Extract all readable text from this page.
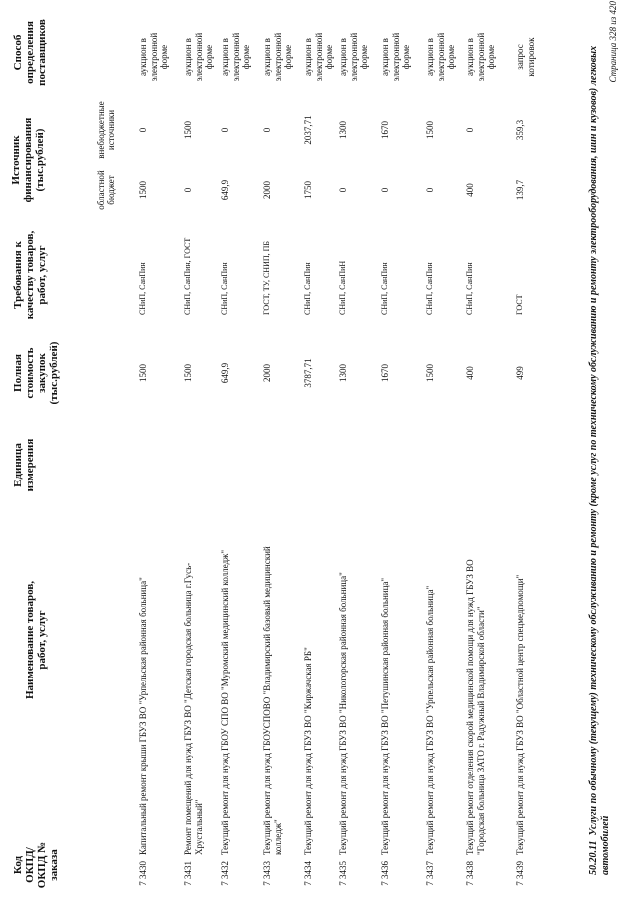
Код ОКПД/ ОКПД № заказа
Наименование товаров, работ, услуг
Единица измерения
Полная стоимость закупок (тыс.рублей)
Требования к качеству товаров, работ, услуг
Источник финансирования (тыс.рублей)	областной бюджет
внебюджетные источники
Способ определения поставщиков
7 3430
Капитальный ремонт крыши ГБУЗ ВО "Урпельская районная больница"
1500
СНиП, СанПин
1500
0
аукцион в электронной форме
7 3431
Ремонт помещений для нужд ГБУЗ ВО "Детская городская больница г.Гусь-Хрустальный"
1500
СНиП, СанПин, ГОСТ
0
1500
аукцион в электронной форме
7 3432
Текущий ремонт для нужд ГБОУ СПО ВО "Муромский медицинский колледж"
649,9
СНиП, СанПин
649,9
0
аукцион в электронной форме
7 3433
Текущий ремонт для нужд ГБОУСПОВО "Владимирский базовый медицинский колледж"
2000
ГОСТ, ТУ, СНИП, ПБ
2000
0
аукцион в электронной форме
7 3434
Текущий ремонт для нужд ГБУЗ ВО "Киржачская РБ"
3787,71
СНиП, СанПин
1750
2037,71
аукцион в электронной форме
7 3435
Текущий ремонт для нужд ГБУЗ ВО "Никологорская районная больница"
1300
СНиП, СанПиН
0
1300
аукцион в электронной форме
7 3436
Текущий ремонт для нужд ГБУЗ ВО "Петушинская районная больница"
1670
СНиП, СанПин
0
1670
аукцион в электронной форме
7 3437
Текущий ремонт для нужд ГБУЗ ВО "Урпельская районная больница"
1500
СНиП, СанПин
0
1500
аукцион в электронной форме
7 3438
Текущий ремонт отделения скорой медицинской помощи для нужд ГБУЗ ВО "Городская больница ЗАТО г. Радужный Владимирской области"
400
СНиП, СанПин
400
0
аукцион в электронной форме
7 3439
Текущий ремонт для нужд ГБУЗ ВО "Областной центр спецмедпомощи"
499
ГОСТ
139,7
359,3
запрос котировок
50.20.11  Услуги по обычному (текущему) техническому обслуживанию и ремонту (кроме услуг по техническому обслуживанию и ремонту электрооборудования, шин и кузовов) легковых автомобилей
Страница 328 из 420
